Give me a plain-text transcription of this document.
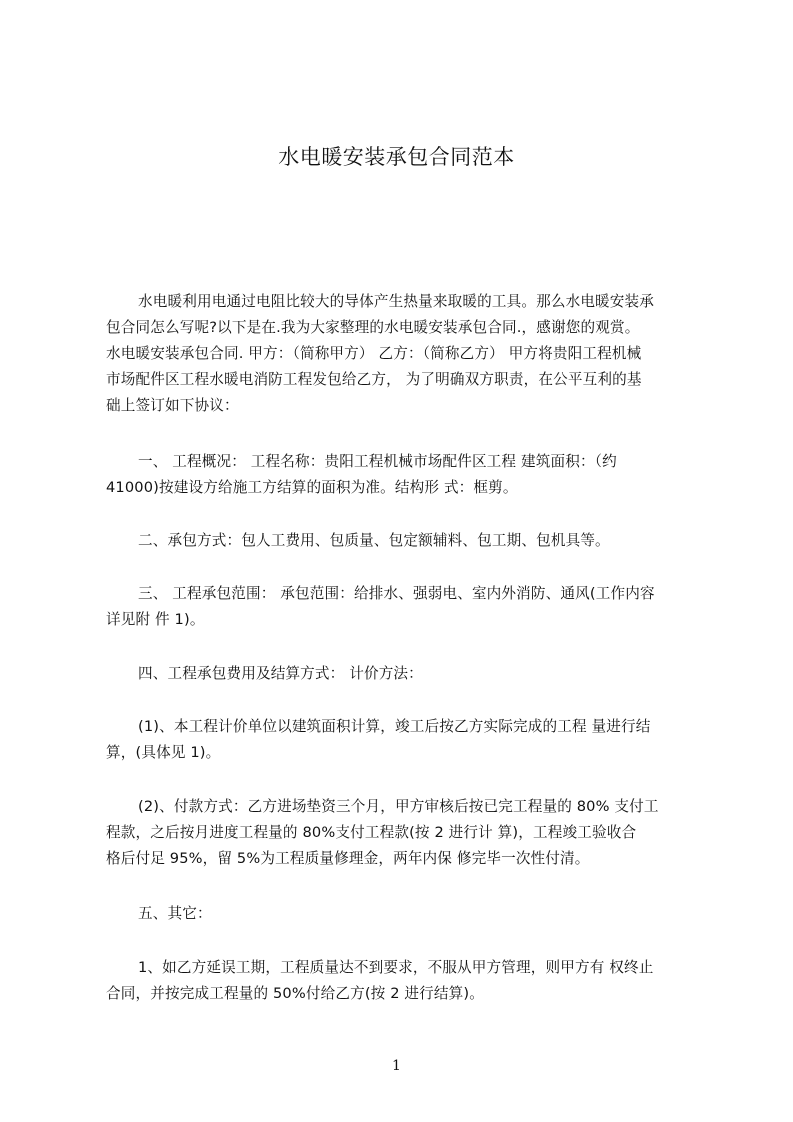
水电暖安装承包合同范本
水电暖利用电通过电阻比较大的导体产生热量来取暖的工具。那么水电暖安装承
包合同怎么写呢?以下是在.我为大家整理的水电暖安装承包合同.，感谢您的观赏。
水电暖安装承包合同. 甲方：（简称甲方） 乙方：（简称乙方） 甲方将贵阳工程机械
市场配件区工程水暖电消防工程发包给乙方， 为了明确双方职责，在公平互利的基
础上签订如下协议：
一、 工程概况： 工程名称：贵阳工程机械市场配件区工程 建筑面积：（约
41000)按建设方给施工方结算的面积为准。结构形 式：框剪。
二、承包方式：包人工费用、包质量、包定额辅料、包工期、包机具等。
三、 工程承包范围： 承包范围：给排水、强弱电、室内外消防、通风(工作内容
详见附 件 1)。
四、工程承包费用及结算方式： 计价方法：
(1)、本工程计价单位以建筑面积计算，竣工后按乙方实际完成的工程 量进行结
算，(具体见 1)。
(2)、付款方式：乙方进场垫资三个月，甲方审核后按已完工程量的 80% 支付工
程款，之后按月进度工程量的 80%支付工程款(按 2 进行计 算)，工程竣工验收合
格后付足 95%，留 5%为工程质量修理金，两年内保 修完毕一次性付清。
五、其它：
1、如乙方延误工期，工程质量达不到要求，不服从甲方管理，则甲方有 权终止
合同，并按完成工程量的 50%付给乙方(按 2 进行结算)。
1
